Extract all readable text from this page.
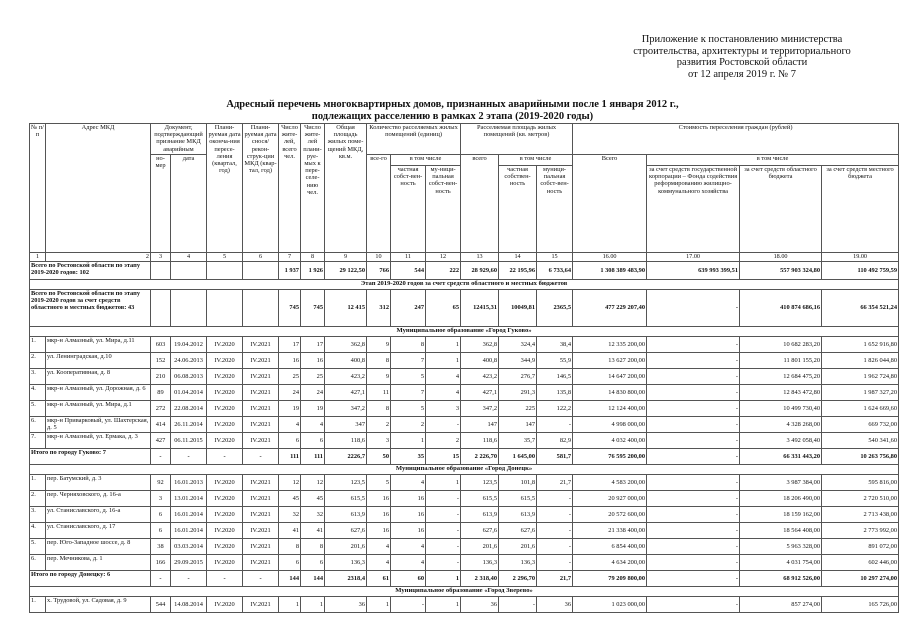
Приложение к постановлению министерства
строительства, архитектуры и территориального
развития Ростовской области
от 12 апреля 2019 г. № 7
Адресный перечень многоквартирных домов, признанных аварийными после 1 января 2012 г.,
подлежащих расселению в рамках 2 этапа (2019-2020 годы)
№ п/п	Адрес МКД	Документ, подтверждающий признание МКД аварийным		Плани-руемая дата оконча-ния пересе-ления (квартал, год)	Плани-руемая дата снося/ рекон-струк-ции МКД (квар-тал, год)	Число жите-лей, всего чел.	Число жите-лей плани-руе-мых к пере-селе-нию чел.	Общая площадь жилых поме-щений МКД, кв.м.	Количество расселяемых жилых помещений (единиц)			Расселяемая площадь жилых помещений (кв. метров)			Стоимость переселения граждан (рублей)			
		но-мер	дата						все-го	в том числе		всего	в том числе		Всего	в том числе		
										частная собст-вен-ность	му-ници-пальная собст-вен-ность		частная собствен-ность	муници-пальная собст-вен-ность		за счет средств государственной корпорации – Фонда содействия реформированию жилищно-коммунального хозяйства	за счет средств областного бюджета	за счет средств местного бюджета
1	2	3	4	5	6	7	8	9	10	11	12	13	14	15	16.00	17.00	18.00	19.00
Всего по Ростовской области по этапу 2019-2020 годов: 102						1 937	1 926	29 122,50	766	544	222	28 929,60	22 195,96	6 733,64	1 308 389 483,90	639 993 399,51	557 903 324,80	110 492 759,59
Этап 2019-2020 годов за счет средств областного и местных бюджетов																		
Всего по Ростовской области по этапу 2019-2020 годов за счет средств областного и местных бюджетов: 43						745	745	12 415	312	247	65	12415,31	10049,81	2365,5	477 229 207,40	-	410 874 686,16	66 354 521,24
Муниципальное образование «Город Гуково»																		
1.	мкр-н Алмазный, ул. Мира, д.11	603	19.04.2012	IV.2020	IV.2021	17	17	362,8	9	8	1	362,8	324,4	38,4	12 335 200,00	-	10 682 283,20	1 652 916,80
2.	ул. Ленинградская, д.10	152	24.06.2013	IV.2020	IV.2021	16	16	400,8	8	7	1	400,8	344,9	55,9	13 627 200,00	-	11 801 155,20	1 826 044,80
3.	ул. Кооперативная, д. 8	210	06.08.2013	IV.2020	IV.2021	25	25	423,2	9	5	4	423,2	276,7	146,5	14 647 200,00	-	12 684 475,20	1 962 724,80
4.	мкр-н Алмазный, ул. Дорожная, д. 6	89	01.04.2014	IV.2020	IV.2021	24	24	427,1	11	7	4	427,1	291,3	135,8	14 830 800,00	-	12 843 472,80	1 987 327,20
5.	мкр-н Алмазный, ул. Мира, д.1	272	22.08.2014	IV.2020	IV.2021	19	19	347,2	8	5	3	347,2	225	122,2	12 124 400,00	-	10 499 730,40	1 624 669,60
6.	мкр-н Приварковый, ул. Шахтерская, д. 5	414	26.11.2014	IV.2020	IV.2021	4	4	347	2	2	-	147	147	-	4 998 000,00	-	4 328 268,00	669 732,00
7.	мкр-н Алмазный, ул. Ермака, д. 3	427	06.11.2015	IV.2020	IV.2021	6	6	118,6	3	1	2	118,6	35,7	82,9	4 032 400,00	-	3 492 058,40	540 341,60
Итого по городу Гуково: 7		-	-	-	-	111	111	2226,7	50	35	15	2 226,70	1 645,00	581,7	76 595 200,00	-	66 331 443,20	10 263 756,80
Муниципальное образование «Город Донецк»																		
1.	пер. Батумский, д. 3	92	16.01.2013	IV.2020	IV.2021	12	12	123,5	5	4	1	123,5	101,8	21,7	4 583 200,00	-	3 987 384,00	595 816,00
2.	пер. Черняховского, д. 16-а	3	13.01.2014	IV.2020	IV.2021	45	45	615,5	16	16	-	615,5	615,5	-	20 927 000,00	-	18 206 490,00	2 720 510,00
3.	ул. Станиславского, д. 16-а	6	16.01.2014	IV.2020	IV.2021	32	32	613,9	16	16	-	613,9	613,9	-	20 572 600,00	-	18 159 162,00	2 713 438,00
4.	ул. Станиславского, д. 17	6	16.01.2014	IV.2020	IV.2021	41	41	627,6	16	16	-	627,6	627,6	-	21 338 400,00	-	18 564 408,00	2 773 992,00
5.	пер. Юго-Западное шоссе, д. 8	38	03.03.2014	IV.2020	IV.2021	8	8	201,6	4	4	-	201,6	201,6	-	6 854 400,00	-	5 963 328,00	891 072,00
6.	пер. Мечникова, д. 1	166	29.09.2015	IV.2020	IV.2021	6	6	136,3	4	4	-	136,3	136,3	-	4 634 200,00	-	4 031 754,00	602 446,00
Итого по городу Донецку: 6		-	-	-	-	144	144	2318,4	61	60	1	2 318,40	2 296,70	21,7	79 209 800,00	-	68 912 526,00	10 297 274,00
Муниципальное образование «Город Зверево»																		
1.	х. Трудовой, ул. Садовая, д. 9	544	14.08.2014	IV.2020	IV.2021	1	1	36	1	-	1	36	-	36	1 023 000,00	-	857 274,00	165 726,00
